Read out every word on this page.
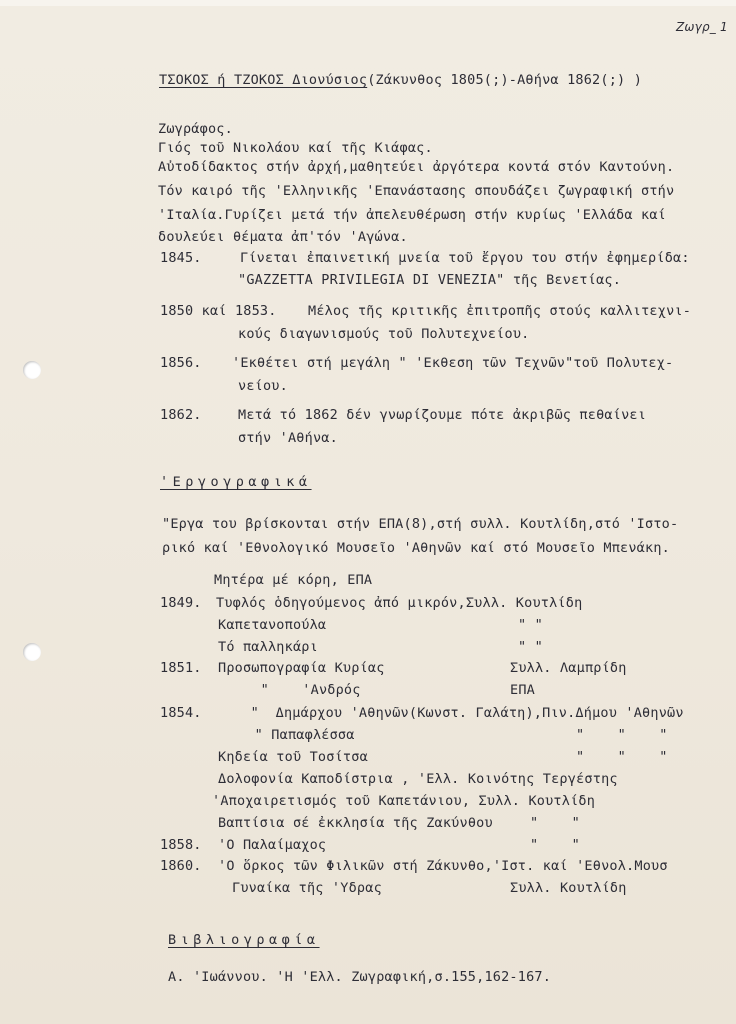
Ζωγρ_ 1
ΤΣΟΚΟΣ ή ΤΖΟΚΟΣ Διονύσιος(Ζάκυνθος 1805(;)-Αθήνα 1862(;) )
Ζωγράφος.
Γιός τοῦ Νικολάου καί τῆς Κιάφας.
Αὐτοδίδακτος στήν ἀρχή,μαθητεύει ἀργότερα κοντά στόν Καντούνη.
Τόν καιρό τῆς 'Ελληνικῆς 'Επανάστασης σπουδάζει ζωγραφική στήν
'Ιταλία.Γυρίζει μετά τήν ἀπελευθέρωση στήν κυρίως 'Ελλάδα καί
δουλεύει θέματα ἀπ'τόν 'Αγώνα.
1845.	Γίνεται ἐπαινετική μνεία τοῦ ἔργου του στήν ἐφημερίδα:
"GAZZETTA PRIVILEGIA DI VENEZIA" τῆς Βενετίας.
1850 καί 1853. Μέλος τῆς κριτικῆς ἐπιτροπῆς στούς καλλιτεχνι-
κούς διαγωνισμούς τοῦ Πολυτεχνείου.
1856. 'Εκθέτει στή μεγάλη " 'Εκθεση τῶν Τεχνῶν"τοῦ Πολυτεχ-
νείου.
1862.	Μετά τό 1862 δέν γνωρίζουμε πότε ἀκριβῶς πεθαίνει
στήν 'Αθήνα.
'Εργογραφικά
"Εργα του βρίσκονται στήν ΕΠΑ(8),στή συλλ. Κουτλίδη,στό 'Ιστο-
ρικό καί 'Εθνολογικό Μουσεῖο 'Αθηνῶν καί στό Μουσεῖο Μπενάκη.
Μητέρα μέ κόρη, ΕΠΑ
1849. Τυφλός ὁδηγούμενος ἀπό μικρόν,Συλλ. Κουτλίδη
Καπετανοπούλα	" "
Τό παλληκάρι	" "
1851. Προσωπογραφία Κυρίας	Συλλ. Λαμπρίδη
"    'Ανδρός	ΕΠΑ
1854. "  Δημάρχου 'Αθηνῶν(Κωνστ. Γαλάτη),Πιν.Δήμου 'Αθηνῶν
" Παπαφλέσσα	"    "    "
Κηδεία τοῦ Τοσίτσα	"    "    "
Δολοφονία Καποδίστρια , 'Ελλ. Κοινότης Τεργέστης
'Αποχαιρετισμός τοῦ Καπετάνιου, Συλλ. Κουτλίδη
Βαπτίσια σέ ἐκκλησία τῆς Ζακύνθου	"    "
1858. 'Ο Παλαίμαχος	"    "
1860. 'Ο ὅρκος τῶν Φιλικῶν στή Ζάκυνθο,'Ιστ. καί 'Εθνολ.Μουσ
Γυναίκα τῆς 'Υδρας	Συλλ. Κουτλίδη
Βιβλιογραφία
Α. 'Ιωάννου. 'Η 'Ελλ. Ζωγραφική,σ.155,162-167.
